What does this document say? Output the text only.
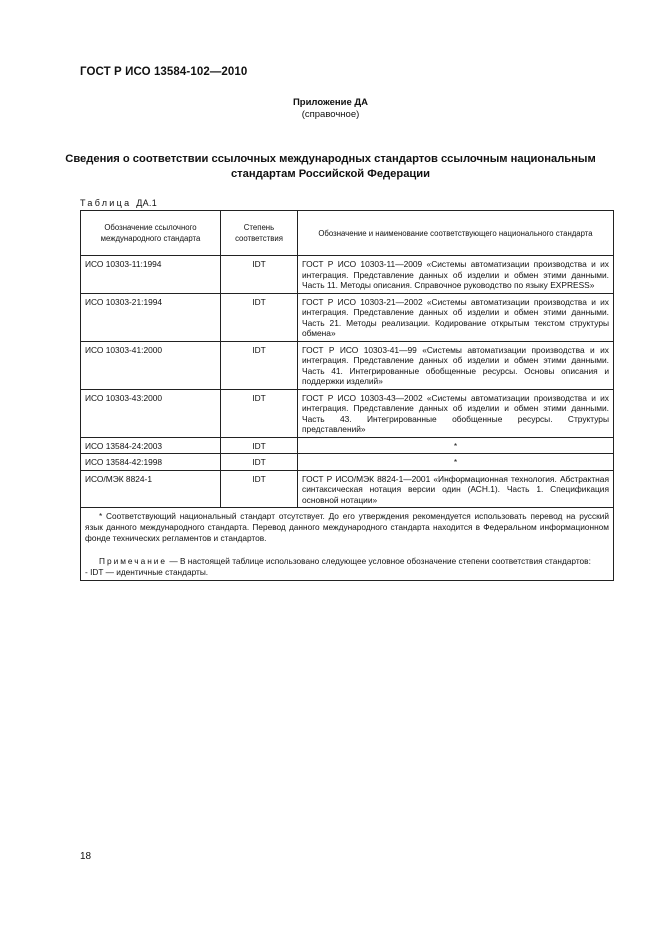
ГОСТ Р ИСО 13584-102—2010
Приложение ДА
(справочное)
Сведения о соответствии ссылочных международных стандартов ссылочным национальным стандартам Российской Федерации
Таблица ДА.1
Обозначение ссылочного международного стандарта	Степень соответствия	Обозначение и наименование соответствующего национального стандарта
ИСО 10303-11:1994	IDT	ГОСТ Р ИСО 10303-11—2009 «Системы автоматизации производства и их интеграция. Представление данных об изделии и обмен этими данными. Часть 11. Методы описания. Справочное руководство по языку EXPRESS»
ИСО 10303-21:1994	IDT	ГОСТ Р ИСО 10303-21—2002 «Системы автоматизации производства и их интеграция. Представление данных об изделии и обмен этими данными. Часть 21. Методы реализации. Кодирование открытым текстом структуры обмена»
ИСО 10303-41:2000	IDT	ГОСТ Р ИСО 10303-41—99 «Системы автоматизации производства и их интеграция. Представление данных об изделии и обмен этими данными. Часть 41. Интегрированные обобщенные ресурсы. Основы описания и поддержки изделий»
ИСО 10303-43:2000	IDT	ГОСТ Р ИСО 10303-43—2002 «Системы автоматизации производства и их интеграция. Представление данных об изделии и обмен этими данными. Часть 43. Интегрированные обобщенные ресурсы. Структуры представлений»
ИСО 13584-24:2003	IDT	*
ИСО 13584-42:1998	IDT	*
ИСО/МЭК 8824-1	IDT	ГОСТ Р ИСО/МЭК 8824-1—2001 «Информационная технология. Абстрактная синтаксическая нотация версии один (АСН.1). Часть 1. Спецификация основной нотации»

* Соответствующий национальный стандарт отсутствует. До его утверждения рекомендуется использовать перевод на русский язык данного международного стандарта. Перевод данного международного стандарта находится в Федеральном информационном фонде технических регламентов и стандартов.

Примечание — В настоящей таблице использовано следующее условное обозначение степени соответствия стандартов:

- IDT — идентичные стандарты.		

18
